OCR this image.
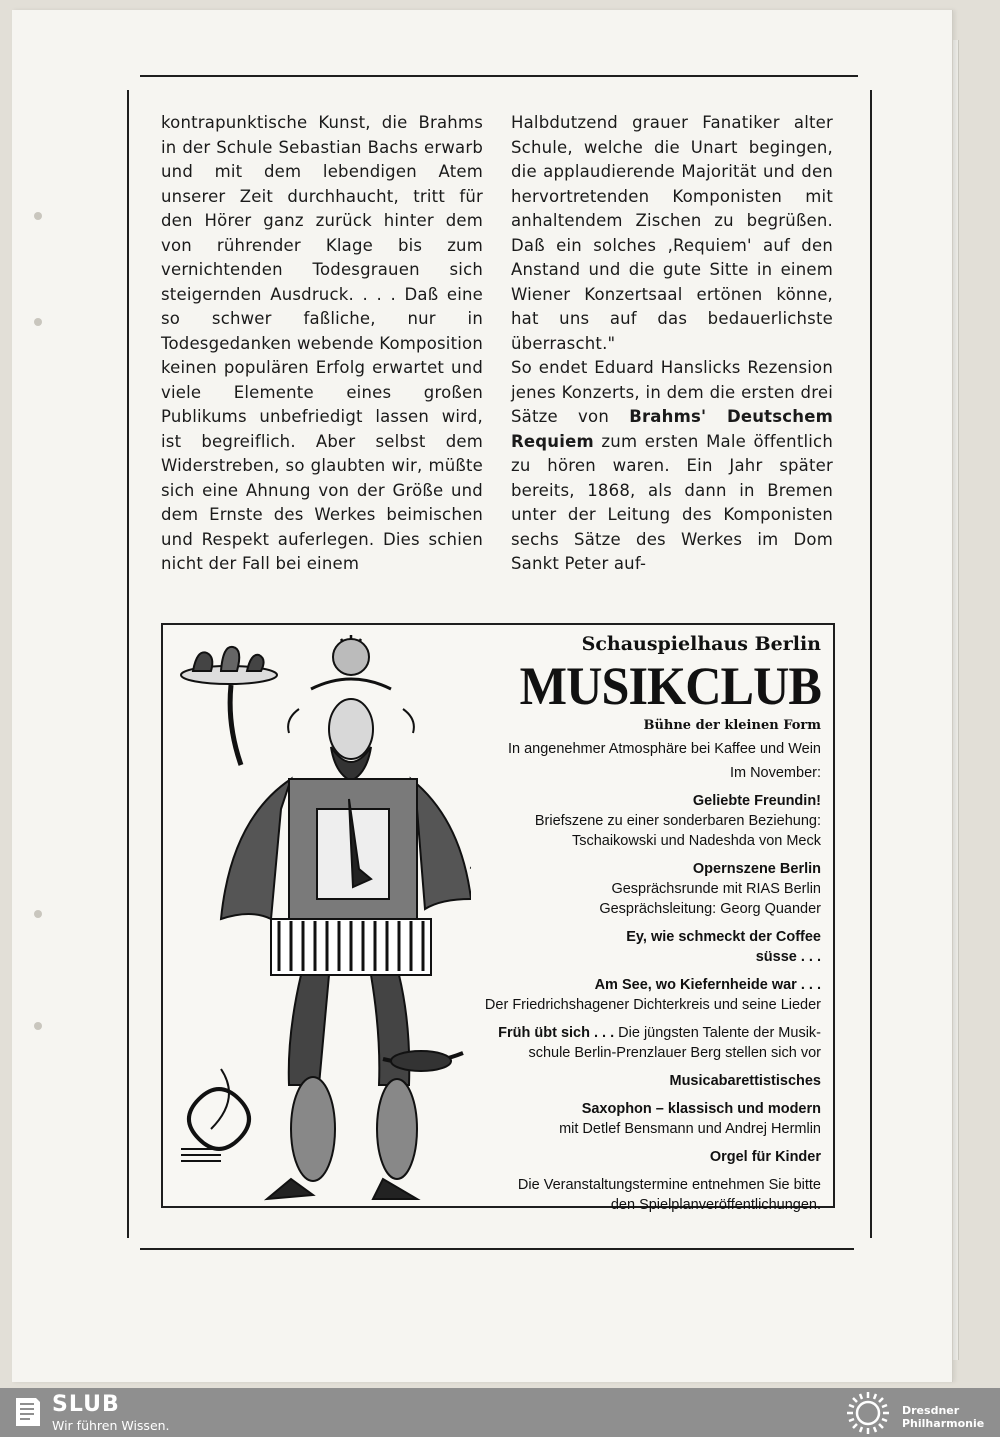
kontrapunktische Kunst, die Brahms in der Schule Sebastian Bachs erwarb und mit dem lebendigen Atem unserer Zeit durchhaucht, tritt für den Hörer ganz zurück hinter dem von rührender Klage bis zum vernichtenden Todesgrauen sich steigernden Ausdruck. . . . Daß eine so schwer faßliche, nur in Todesgedanken webende Komposition keinen populären Erfolg erwartet und viele Elemente eines großen Publikums unbefriedigt lassen wird, ist begreiflich. Aber selbst dem Widerstreben, so glaubten wir, müßte sich eine Ahnung von der Größe und dem Ernste des Werkes beimischen und Respekt auferlegen. Dies schien nicht der Fall bei einem

Halbdutzend grauer Fanatiker alter Schule, welche die Unart begingen, die applaudierende Majorität und den hervortretenden Komponisten mit anhaltendem Zischen zu begrüßen. Daß ein solches ‚Requiem' auf den Anstand und die gute Sitte in einem Wiener Konzertsaal ertönen könne, hat uns auf das bedauerlichste überrascht."

So endet Eduard Hanslicks Rezension jenes Konzerts, in dem die ersten drei Sätze von Brahms' Deutschem Requiem zum ersten Male öffentlich zu hören waren. Ein Jahr später bereits, 1868, als dann in Bremen unter der Leitung des Komponisten sechs Sätze des Werkes im Dom Sankt Peter auf-

Schauspielhaus Berlin
MUSIKCLUB
Bühne der kleinen Form
In angenehmer Atmosphäre bei Kaffee und Wein
Im November:
Geliebte Freundin!
Briefszene zu einer sonderbaren Beziehung:
Tschaikowski und Nadeshda von Meck
Opernszene Berlin
Gesprächsrunde mit RIAS Berlin
Gesprächsleitung: Georg Quander
Ey, wie schmeckt der Coffee
süsse . . .
Am See, wo Kiefernheide war . . .
Der Friedrichshagener Dichterkreis und seine Lieder
Früh übt sich . . . Die jüngsten Talente der Musik-
schule Berlin-Prenzlauer Berg stellen sich vor
Musicabarettistisches
Saxophon – klassisch und modern
mit Detlef Bensmann und Andrej Hermlin
Orgel für Kinder
Die Veranstaltungstermine entnehmen Sie bitte
den Spielplanveröffentlichungen.
SLUB
Wir führen Wissen.
Dresdner
Philharmonie
